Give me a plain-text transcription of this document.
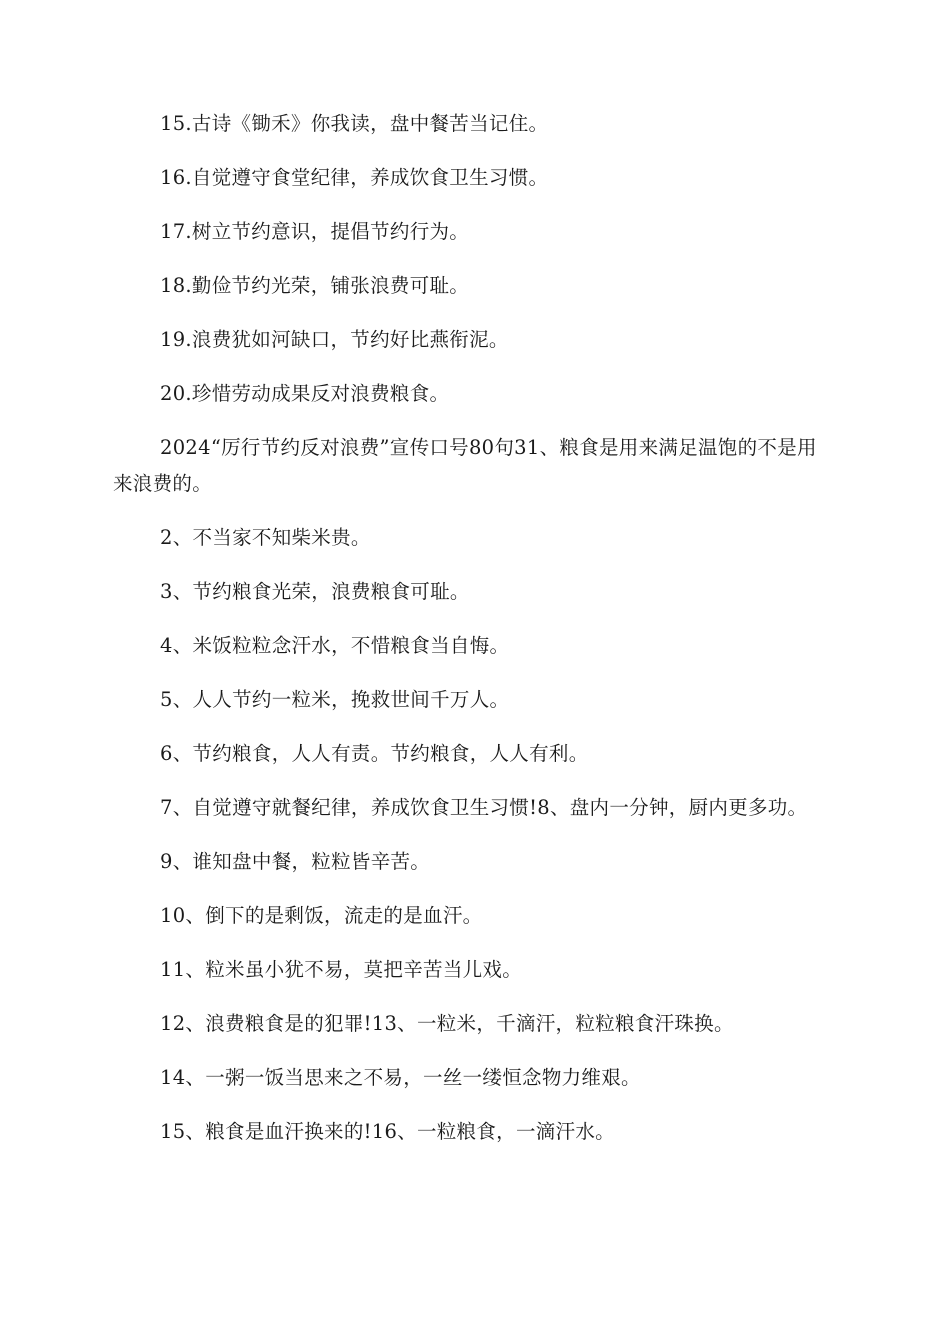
15.古诗《锄禾》你我读，盘中餐苦当记住。

16.自觉遵守食堂纪律，养成饮食卫生习惯。

17.树立节约意识，提倡节约行为。

18.勤俭节约光荣，铺张浪费可耻。

19.浪费犹如河缺口，节约好比燕衔泥。

20.珍惜劳动成果反对浪费粮食。

2024“厉行节约反对浪费”宣传口号80句31、粮食是用来满足温饱的不是用来浪费的。

2、不当家不知柴米贵。

3、节约粮食光荣，浪费粮食可耻。

4、米饭粒粒念汗水，不惜粮食当自悔。

5、人人节约一粒米，挽救世间千万人。

6、节约粮食，人人有责。节约粮食，人人有利。

7、自觉遵守就餐纪律，养成饮食卫生习惯!8、盘内一分钟，厨内更多功。

9、谁知盘中餐，粒粒皆辛苦。

10、倒下的是剩饭，流走的是血汗。

11、粒米虽小犹不易，莫把辛苦当儿戏。

12、浪费粮食是的犯罪!13、一粒米，千滴汗，粒粒粮食汗珠换。

14、一粥一饭当思来之不易，一丝一缕恒念物力维艰。

15、粮食是血汗换来的!16、一粒粮食，一滴汗水。
